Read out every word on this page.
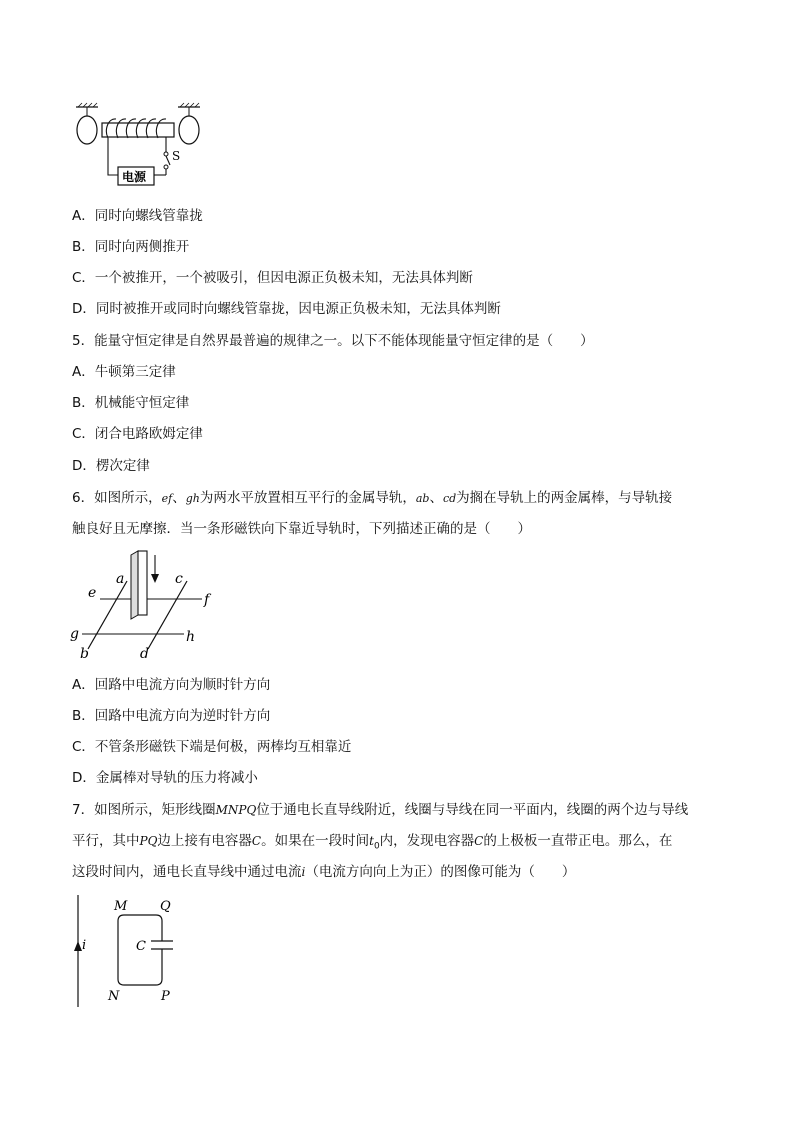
S
电源
A．同时向螺线管靠拢
B．同时向两侧推开
C．一个被推开，一个被吸引，但因电源正负极未知，无法具体判断
D．同时被推开或同时向螺线管靠拢，因电源正负极未知，无法具体判断
5．能量守恒定律是自然界最普遍的规律之一。以下不能体现能量守恒定律的是（　　）
A．牛顿第三定律
B．机械能守恒定律
C．闭合电路欧姆定律
D．楞次定律
6．如图所示，ef、gh为两水平放置相互平行的金属导轨，ab、cd为搁在导轨上的两金属棒，与导轨接
触良好且无摩擦．当一条形磁铁向下靠近导轨时，下列描述正确的是（　　）
a	c
e	f
g	h
b	d
A．回路中电流方向为顺时针方向
B．回路中电流方向为逆时针方向
C．不管条形磁铁下端是何极，两棒均互相靠近
D．金属棒对导轨的压力将减小
7．如图所示，矩形线圈MNPQ位于通电长直导线附近，线圈与导线在同一平面内，线圈的两个边与导线
平行，其中PQ边上接有电容器C。如果在一段时间$t_0$内，发现电容器C的上极板一直带正电。那么，在
这段时间内，通电长直导线中通过电流i（电流方向向上为正）的图像可能为（　　）
i
M	Q
C
N	P
